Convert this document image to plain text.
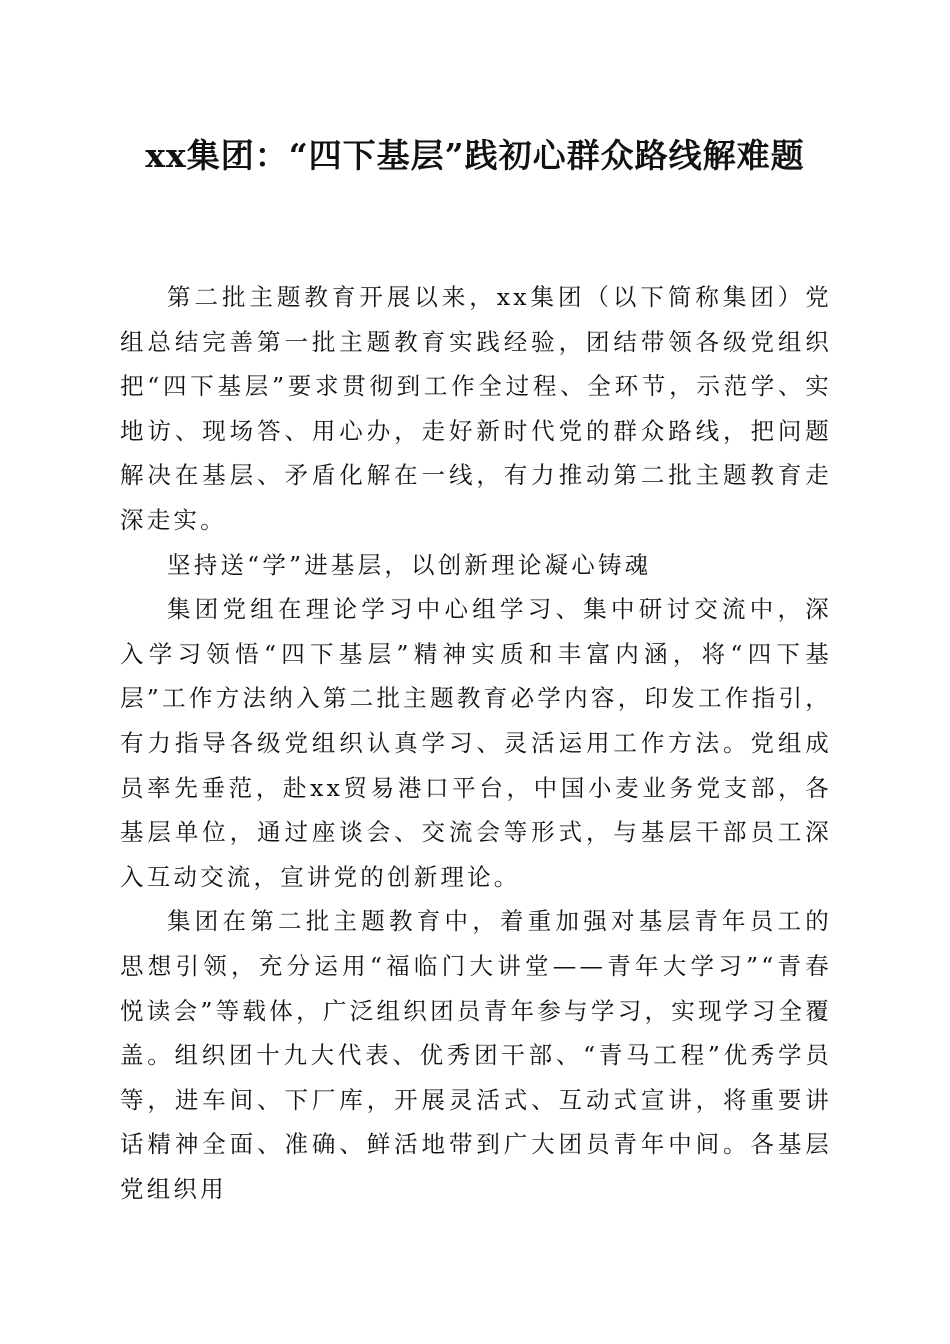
xx集团：“四下基层”践初心群众路线解难题

第二批主题教育开展以来，xx集团（以下简称集团）党组总结完善第一批主题教育实践经验，团结带领各级党组织把“四下基层”要求贯彻到工作全过程、全环节，示范学、实地访、现场答、用心办，走好新时代党的群众路线，把问题解决在基层、矛盾化解在一线，有力推动第二批主题教育走深走实。

坚持送“学”进基层，以创新理论凝心铸魂

集团党组在理论学习中心组学习、集中研讨交流中，深入学习领悟“四下基层”精神实质和丰富内涵，将“四下基层”工作方法纳入第二批主题教育必学内容，印发工作指引，有力指导各级党组织认真学习、灵活运用工作方法。党组成员率先垂范，赴xx贸易港口平台，中国小麦业务党支部，各基层单位，通过座谈会、交流会等形式，与基层干部员工深入互动交流，宣讲党的创新理论。

集团在第二批主题教育中，着重加强对基层青年员工的思想引领，充分运用“福临门大讲堂——青年大学习”“青春悦读会”等载体，广泛组织团员青年参与学习，实现学习全覆盖。组织团十九大代表、优秀团干部、“青马工程”优秀学员等，进车间、下厂库，开展灵活式、互动式宣讲，将重要讲话精神全面、准确、鲜活地带到广大团员青年中间。各基层党组织用
